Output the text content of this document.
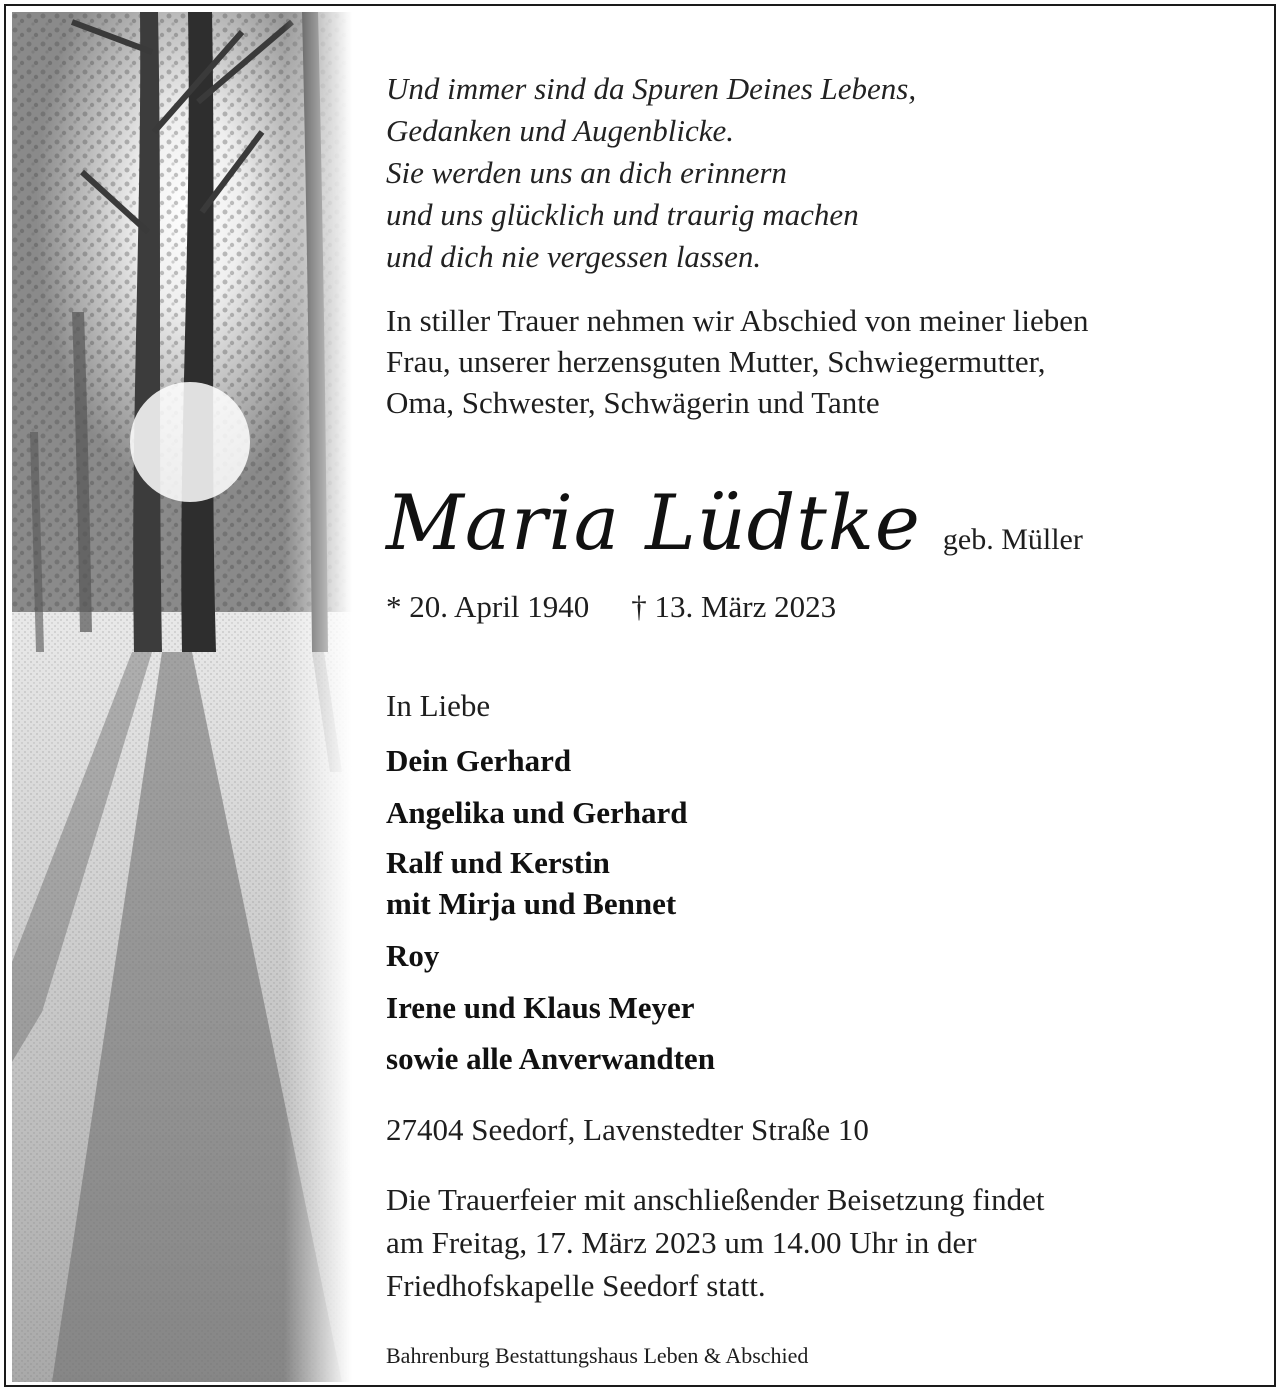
Und immer sind da Spuren Deines Lebens,
Gedanken und Augenblicke.
Sie werden uns an dich erinnern
und uns glücklich und traurig machen
und dich nie vergessen lassen.
In stiller Trauer nehmen wir Abschied von meiner lieben
Frau, unserer herzensguten Mutter, Schwiegermutter,
Oma, Schwester, Schwägerin und Tante
Maria Lüdtke geb. Müller
* 20. April 1940 † 13. März 2023
In Liebe
Dein Gerhard
Angelika und Gerhard
Ralf und Kerstin
mit Mirja und Bennet
Roy
Irene und Klaus Meyer
sowie alle Anverwandten
27404 Seedorf, Lavenstedter Straße 10
Die Trauerfeier mit anschließender Beisetzung findet
am Freitag, 17. März 2023 um 14.00 Uhr in der
Friedhofskapelle Seedorf statt.
Bahrenburg Bestattungshaus Leben & Abschied
